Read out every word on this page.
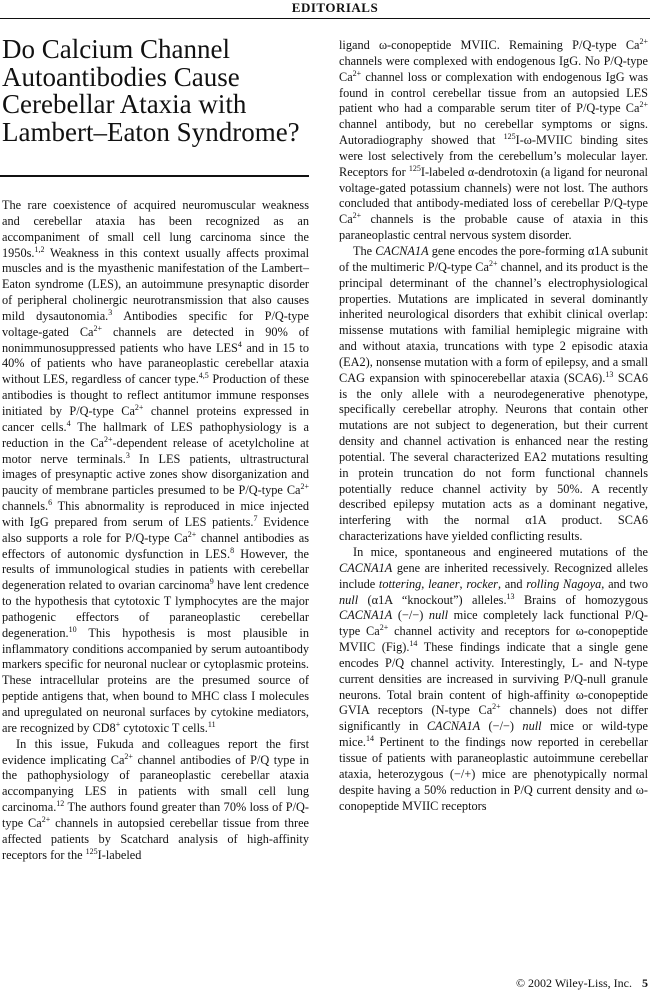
EDITORIALS
Do Calcium Channel Autoantibodies Cause Cerebellar Ataxia with Lambert–Eaton Syndrome?

The rare coexistence of acquired neuromuscular weakness and cerebellar ataxia has been recognized as an accompaniment of small cell lung carcinoma since the 1950s.$^{1,2}$ Weakness in this context usually affects proximal muscles and is the myasthenic manifestation of the Lambert–Eaton syndrome (LES), an autoimmune presynaptic disorder of peripheral cholinergic neurotransmission that also causes mild dysautonomia.$^3$ Antibodies specific for P/Q-type voltage-gated $Ca^{2+}$ channels are detected in 90% of nonimmunosuppressed patients who have LES$^4$ and in 15 to 40% of patients who have paraneoplastic cerebellar ataxia without LES, regardless of cancer type.$^{4,5}$ Production of these antibodies is thought to reflect antitumor immune responses initiated by P/Q-type $Ca^{2+}$ channel proteins expressed in cancer cells.$^4$ The hallmark of LES pathophysiology is a reduction in the $Ca^{2+}$-dependent release of acetylcholine at motor nerve terminals.$^3$ In LES patients, ultrastructural images of presynaptic active zones show disorganization and paucity of membrane particles presumed to be P/Q-type $Ca^{2+}$ channels.$^6$ This abnormality is reproduced in mice injected with IgG prepared from serum of LES patients.$^7$ Evidence also supports a role for P/Q-type $Ca^{2+}$ channel antibodies as effectors of autonomic dysfunction in LES.$^8$ However, the results of immunological studies in patients with cerebellar degeneration related to ovarian carcinoma$^9$ have lent credence to the hypothesis that cytotoxic T lymphocytes are the major pathogenic effectors of paraneoplastic cerebellar degeneration.$^{10}$ This hypothesis is most plausible in inflammatory conditions accompanied by serum autoantibody markers specific for neuronal nuclear or cytoplasmic proteins. These intracellular proteins are the presumed source of peptide antigens that, when bound to MHC class I molecules and upregulated on neuronal surfaces by cytokine mediators, are recognized by CD8+ cytotoxic T cells.$^{11}$

In this issue, Fukuda and colleagues report the first evidence implicating $Ca^{2+}$ channel antibodies of P/Q type in the pathophysiology of paraneoplastic cerebellar ataxia accompanying LES in patients with small cell lung carcinoma.$^{12}$ The authors found greater than 70% loss of P/Q-type $Ca^{2+}$ channels in autopsied cerebellar tissue from three affected patients by Scatchard analysis of high-affinity receptors for the $^{125}$I-labeled

ligand ω-conopeptide MVIIC. Remaining P/Q-type $Ca^{2+}$ channels were complexed with endogenous IgG. No P/Q-type $Ca^{2+}$ channel loss or complexation with endogenous IgG was found in control cerebellar tissue from an autopsied LES patient who had a comparable serum titer of P/Q-type $Ca^{2+}$ channel antibody, but no cerebellar symptoms or signs. Autoradiography showed that $^{125}$I-ω-MVIIC binding sites were lost selectively from the cerebellum’s molecular layer. Receptors for $^{125}$I-labeled α-dendrotoxin (a ligand for neuronal voltage-gated potassium channels) were not lost. The authors concluded that antibody-mediated loss of cerebellar P/Q-type $Ca^{2+}$ channels is the probable cause of ataxia in this paraneoplastic central nervous system disorder.

The CACNA1A gene encodes the pore-forming α1A subunit of the multimeric P/Q-type $Ca^{2+}$ channel, and its product is the principal determinant of the channel’s electrophysiological properties. Mutations are implicated in several dominantly inherited neurological disorders that exhibit clinical overlap: missense mutations with familial hemiplegic migraine with and without ataxia, truncations with type 2 episodic ataxia (EA2), nonsense mutation with a form of epilepsy, and a small CAG expansion with spinocerebellar ataxia (SCA6).$^{13}$ SCA6 is the only allele with a neurodegenerative phenotype, specifically cerebellar atrophy. Neurons that contain other mutations are not subject to degeneration, but their current density and channel activation is enhanced near the resting potential. The several characterized EA2 mutations resulting in protein truncation do not form functional channels potentially reduce channel activity by 50%. A recently described epilepsy mutation acts as a dominant negative, interfering with the normal α1A product. SCA6 characterizations have yielded conflicting results.

In mice, spontaneous and engineered mutations of the CACNA1A gene are inherited recessively. Recognized alleles include tottering, leaner, rocker, and rolling Nagoya, and two null (α1A “knockout”) alleles.$^{13}$ Brains of homozygous CACNA1A (−/−) null mice completely lack functional P/Q-type $Ca^{2+}$ channel activity and receptors for ω-conopeptide MVIIC (Fig).$^{14}$ These findings indicate that a single gene encodes P/Q channel activity. Interestingly, L- and N-type current densities are increased in surviving P/Q-null granule neurons. Total brain content of high-affinity ω-conopeptide GVIA receptors (N-type $Ca^{2+}$ channels) does not differ significantly in CACNA1A (−/−) null mice or wild-type mice.$^{14}$ Pertinent to the findings now reported in cerebellar tissue of patients with paraneoplastic autoimmune cerebellar ataxia, heterozygous (−/+) mice are phenotypically normal despite having a 50% reduction in P/Q current density and ω-conopeptide MVIIC receptors

© 2002 Wiley-Liss, Inc. 5
